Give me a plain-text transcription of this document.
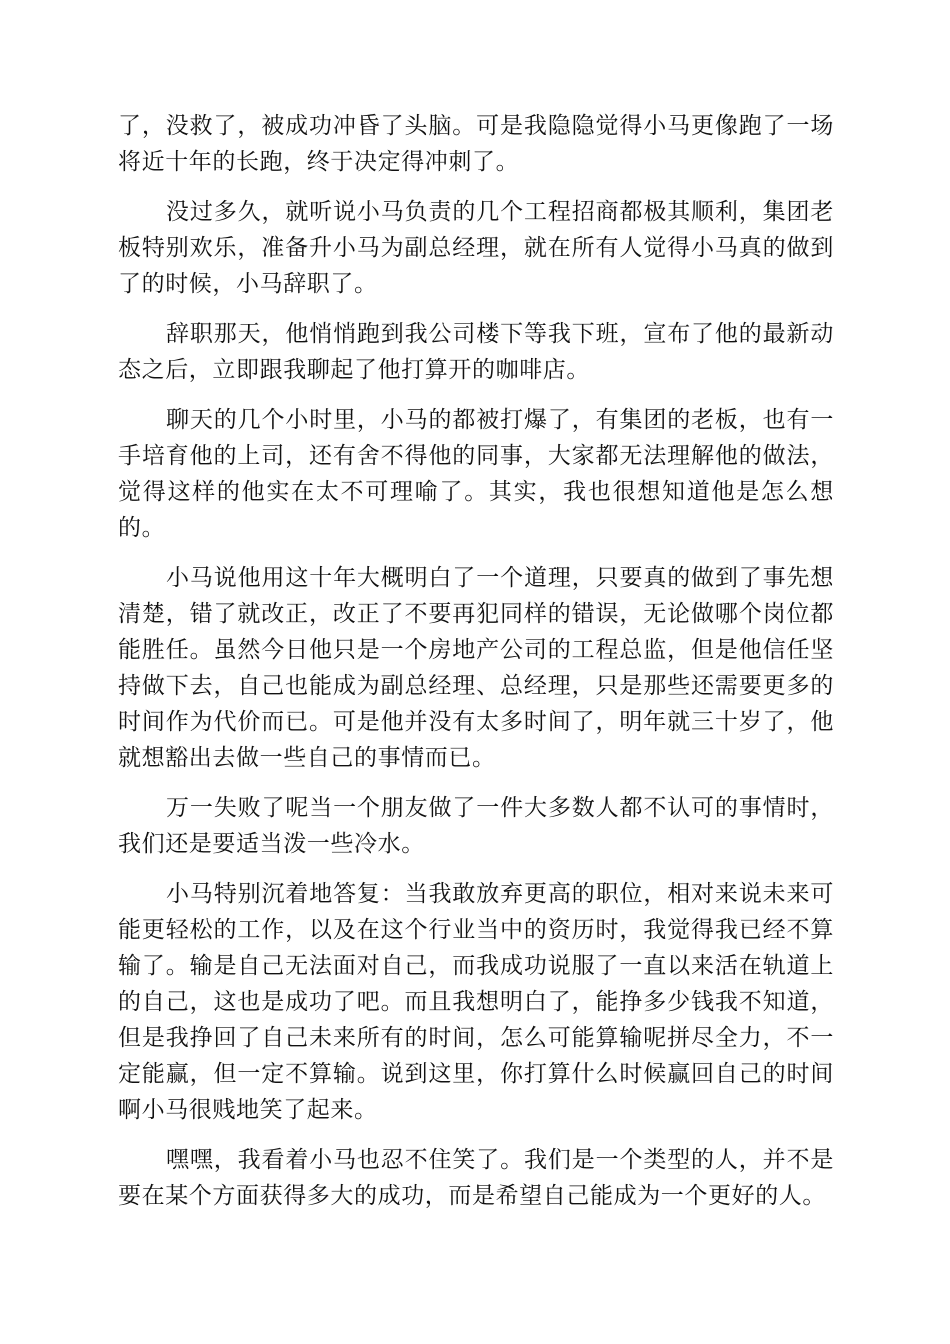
了，没救了，被成功冲昏了头脑。可是我隐隐觉得小马更像跑了一场将近十年的长跑，终于决定得冲刺了。

没过多久，就听说小马负责的几个工程招商都极其顺利，集团老板特别欢乐，准备升小马为副总经理，就在所有人觉得小马真的做到了的时候，小马辞职了。

辞职那天，他悄悄跑到我公司楼下等我下班，宣布了他的最新动态之后，立即跟我聊起了他打算开的咖啡店。

聊天的几个小时里，小马的都被打爆了，有集团的老板，也有一手培育他的上司，还有舍不得他的同事，大家都无法理解他的做法，觉得这样的他实在太不可理喻了。其实，我也很想知道他是怎么想的。

小马说他用这十年大概明白了一个道理，只要真的做到了事先想清楚，错了就改正，改正了不要再犯同样的错误，无论做哪个岗位都能胜任。虽然今日他只是一个房地产公司的工程总监，但是他信任坚持做下去，自己也能成为副总经理、总经理，只是那些还需要更多的时间作为代价而已。可是他并没有太多时间了，明年就三十岁了，他就想豁出去做一些自己的事情而已。

万一失败了呢当一个朋友做了一件大多数人都不认可的事情时，我们还是要适当泼一些冷水。

小马特别沉着地答复：当我敢放弃更高的职位，相对来说未来可能更轻松的工作，以及在这个行业当中的资历时，我觉得我已经不算输了。输是自己无法面对自己，而我成功说服了一直以来活在轨道上的自己，这也是成功了吧。而且我想明白了，能挣多少钱我不知道，但是我挣回了自己未来所有的时间，怎么可能算输呢拼尽全力，不一定能赢，但一定不算输。说到这里，你打算什么时候赢回自己的时间啊小马很贱地笑了起来。

嘿嘿，我看着小马也忍不住笑了。我们是一个类型的人，并不是要在某个方面获得多大的成功，而是希望自己能成为一个更好的人。
